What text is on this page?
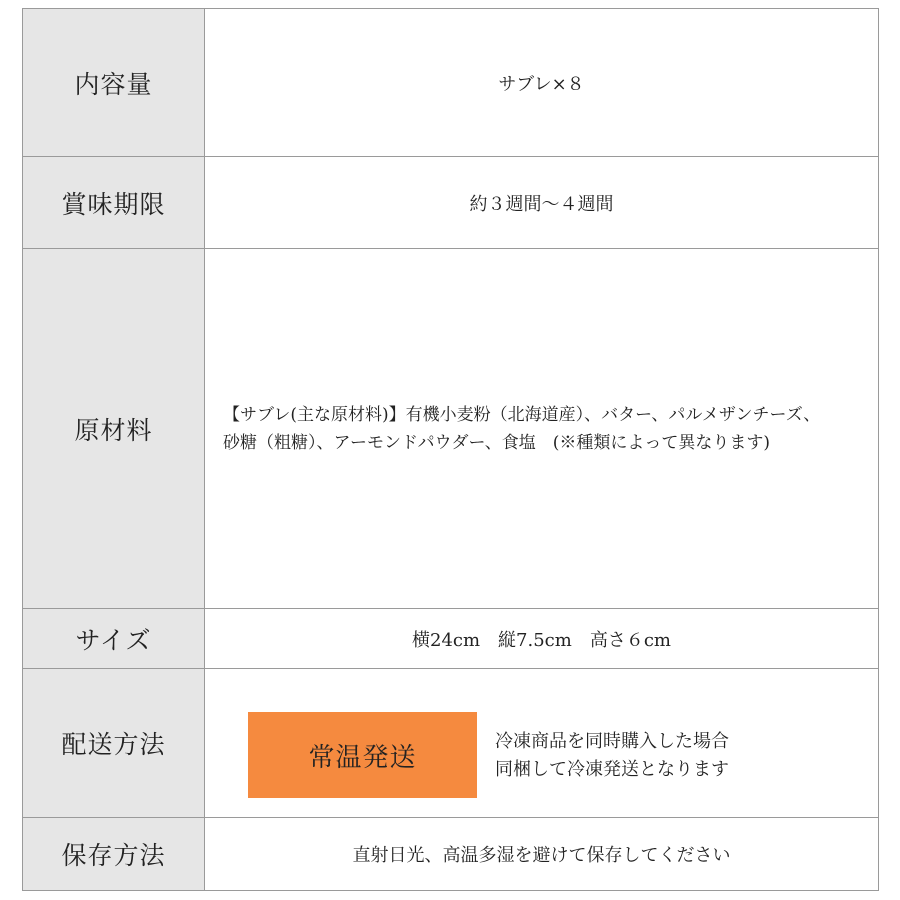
内容量	サブレ×８
賞味期限	約３週間～４週間
原材料
【サブレ(主な原材料)】有機小麦粉（北海道産）、バター、パルメザンチーズ、
砂糖（粗糖）、アーモンドパウダー、食塩　(※種類によって異なります)
サイズ	横24cm　縦7.5cm　高さ６cm
配送方法	常温発送
冷凍商品を同時購入した場合
同梱して冷凍発送となります
保存方法	直射日光、高温多湿を避けて保存してください
